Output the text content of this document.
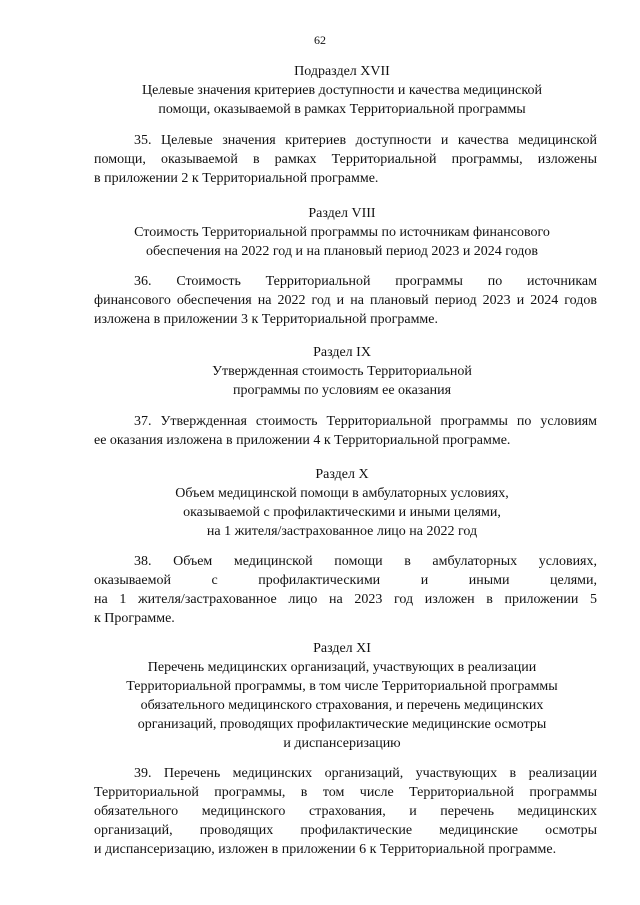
62
Подраздел XVII
Целевые значения критериев доступности и качества медицинской
помощи, оказываемой в рамках Территориальной программы
35. Целевые значения критериев доступности и качества медицинской
помощи, оказываемой в рамках Территориальной программы, изложены
в приложении 2 к Территориальной программе.
Раздел VIII
Стоимость Территориальной программы по источникам финансового
обеспечения на 2022 год и на плановый период 2023 и 2024 годов
36. Стоимость Территориальной программы по источникам
финансового обеспечения на 2022 год и на плановый период 2023 и 2024 годов
изложена в приложении 3 к Территориальной программе.
Раздел IX
Утвержденная стоимость Территориальной
программы по условиям ее оказания
37. Утвержденная стоимость Территориальной программы по условиям
ее оказания изложена в приложении 4 к Территориальной программе.
Раздел X
Объем медицинской помощи в амбулаторных условиях,
оказываемой с профилактическими и иными целями,
на 1 жителя/застрахованное лицо на 2022 год
38. Объем медицинской помощи в амбулаторных условиях,
оказываемой с профилактическими и иными целями,
на 1 жителя/застрахованное лицо на 2023 год изложен в приложении 5
к Программе.
Раздел XI
Перечень медицинских организаций, участвующих в реализации
Территориальной программы, в том числе Территориальной программы
обязательного медицинского страхования, и перечень медицинских
организаций, проводящих профилактические медицинские осмотры
и диспансеризацию
39. Перечень медицинских организаций, участвующих в реализации
Территориальной программы, в том числе Территориальной программы
обязательного медицинского страхования, и перечень медицинских
организаций, проводящих профилактические медицинские осмотры
и диспансеризацию, изложен в приложении 6 к Территориальной программе.
